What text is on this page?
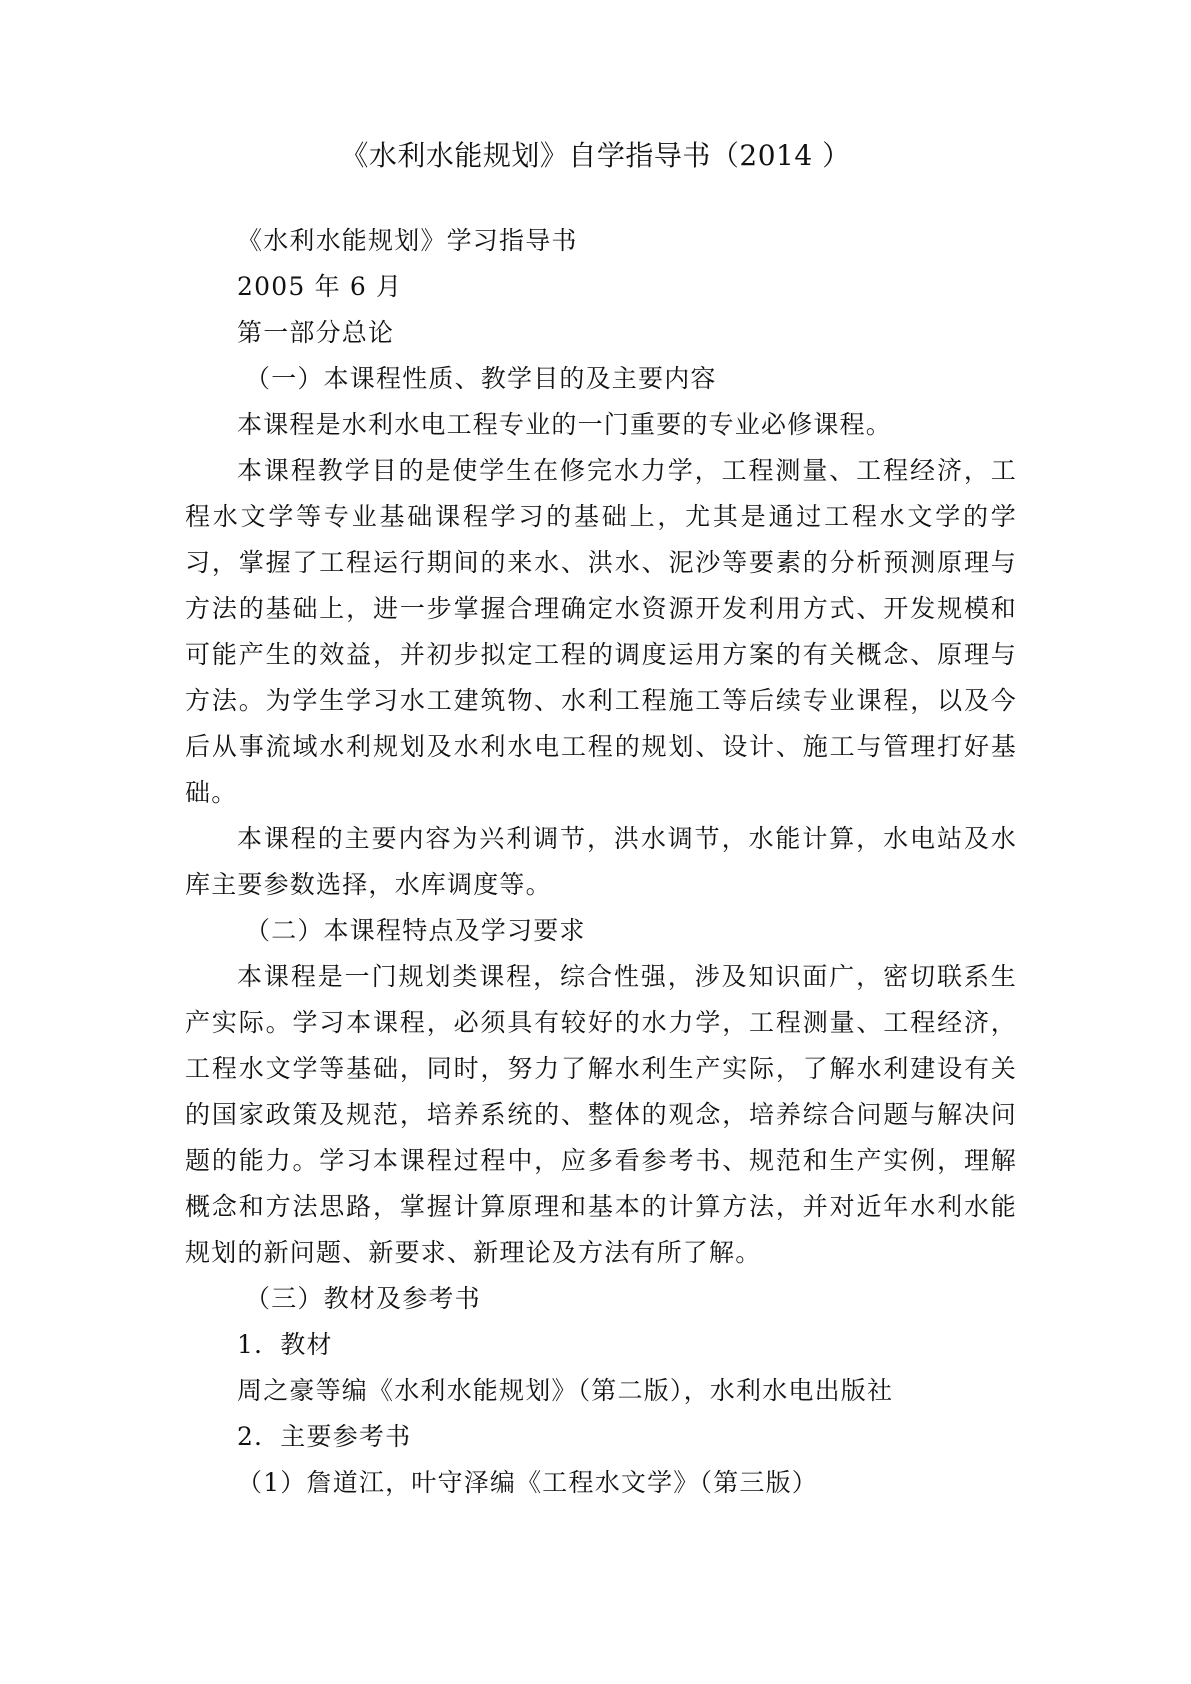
《水利水能规划》自学指导书（2014 ）

《水利水能规划》学习指导书

2005 年 6 月

第一部分总论

（一）本课程性质、教学目的及主要内容

本课程是水利水电工程专业的一门重要的专业必修课程。

本课程教学目的是使学生在修完水力学，工程测量、工程经济，工程水文学等专业基础课程学习的基础上，尤其是通过工程水文学的学习，掌握了工程运行期间的来水、洪水、泥沙等要素的分析预测原理与方法的基础上，进一步掌握合理确定水资源开发利用方式、开发规模和可能产生的效益，并初步拟定工程的调度运用方案的有关概念、原理与方法。为学生学习水工建筑物、水利工程施工等后续专业课程，以及今后从事流域水利规划及水利水电工程的规划、设计、施工与管理打好基础。

本课程的主要内容为兴利调节，洪水调节，水能计算，水电站及水库主要参数选择，水库调度等。

（二）本课程特点及学习要求

本课程是一门规划类课程，综合性强，涉及知识面广，密切联系生产实际。学习本课程，必须具有较好的水力学，工程测量、工程经济，工程水文学等基础，同时，努力了解水利生产实际，了解水利建设有关的国家政策及规范，培养系统的、整体的观念，培养综合问题与解决问题的能力。学习本课程过程中，应多看参考书、规范和生产实例，理解概念和方法思路，掌握计算原理和基本的计算方法，并对近年水利水能规划的新问题、新要求、新理论及方法有所了解。

（三）教材及参考书

1．教材

周之豪等编《水利水能规划》（第二版），水利水电出版社

2．主要参考书

（1）詹道江，叶守泽编《工程水文学》（第三版）
